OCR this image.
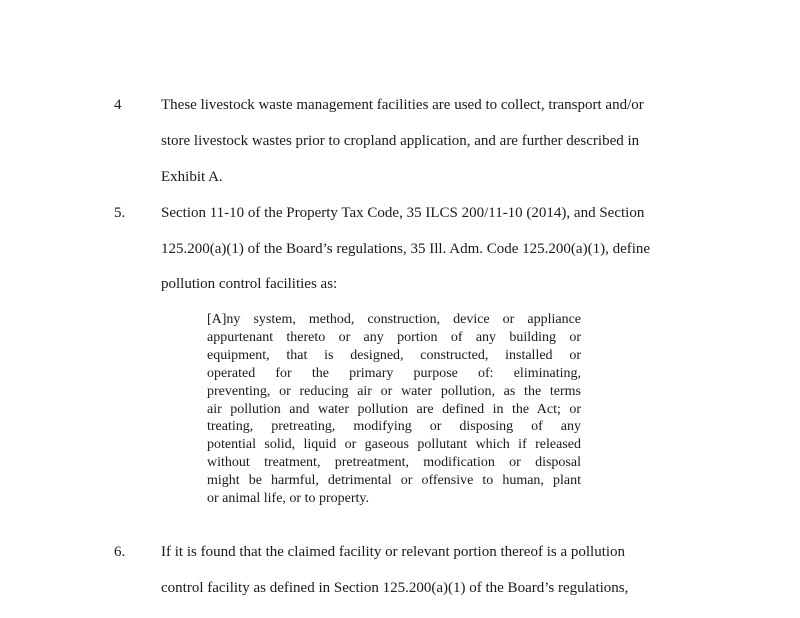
4	These livestock waste management facilities are used to collect, transport and/or
store livestock wastes prior to cropland application, and are further described in
Exhibit A.
5. Section 11-10 of the Property Tax Code, 35 ILCS 200/11-10 (2014), and Section
125.200(a)(1) of the Board’s regulations, 35 Ill. Adm. Code 125.200(a)(1), define
pollution control facilities as:
[A]ny system, method, construction, device or appliance
appurtenant thereto or any portion of any building or
equipment, that is designed, constructed, installed or
operated for the primary purpose of: eliminating,
preventing, or reducing air or water pollution, as the terms
air pollution and water pollution are defined in the Act; or
treating, pretreating, modifying or disposing of any
potential solid, liquid or gaseous pollutant which if released
without treatment, pretreatment, modification or disposal
might be harmful, detrimental or offensive to human, plant
or animal life, or to property.
6. If it is found that the claimed facility or relevant portion thereof is a pollution
control facility as defined in Section 125.200(a)(1) of the Board’s regulations,
